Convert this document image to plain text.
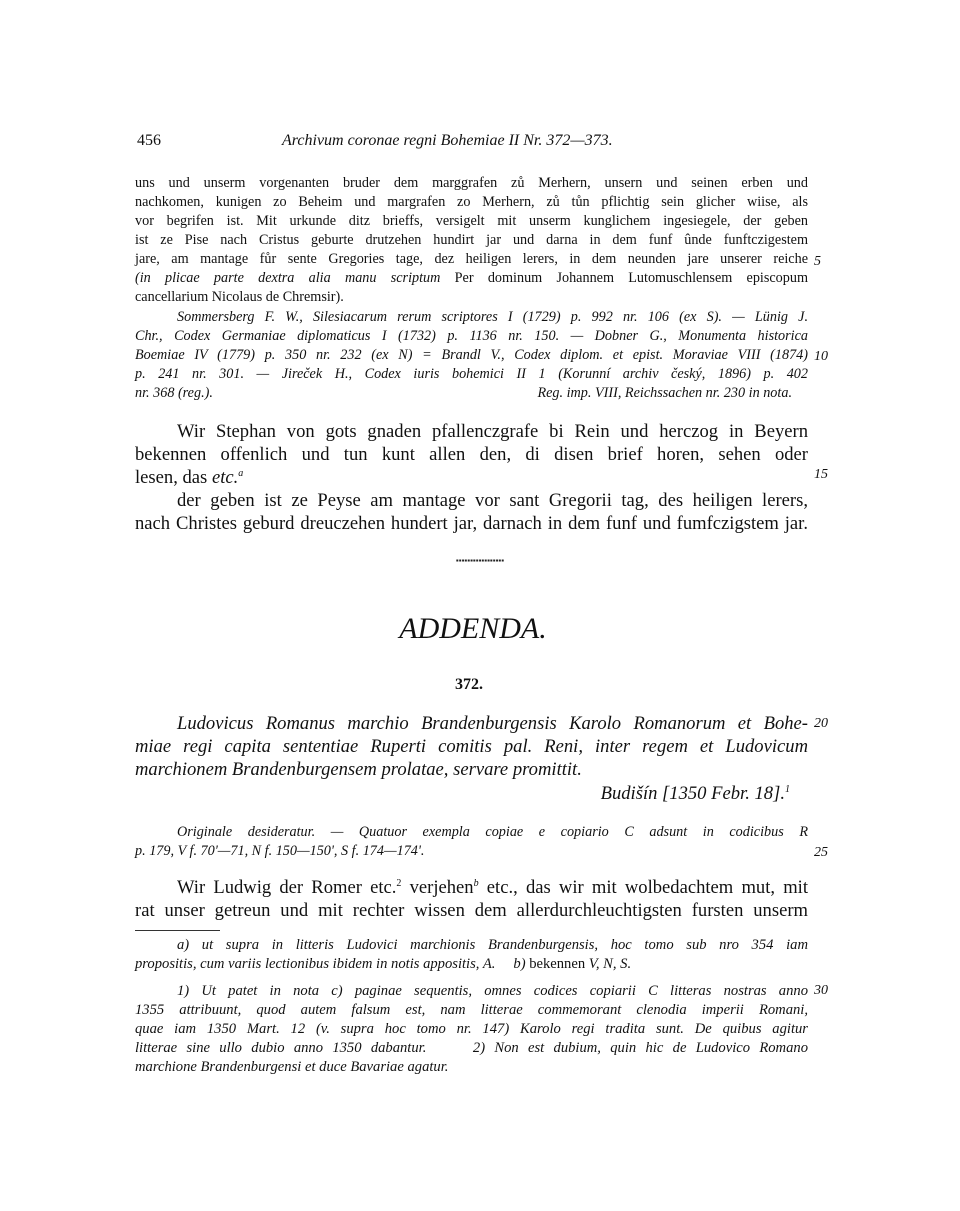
456	Archivum coronae regni Bohemiae II Nr. 372—373.
uns und unserm vorgenanten bruder dem marggrafen zů Merhern, unsern und seinen erben und
nachkomen, kunigen zo Beheim und margrafen zo Merhern, zů tůn pflichtig sein glicher wiise, als
vor begrifen ist. Mit urkunde ditz brieffs, versigelt mit unserm kunglichem ingesiegele, der geben
ist ze Pise nach Cristus geburte drutzehen hundirt jar und darna in dem funf ûnde funftczigestem
jare, am mantage fůr sente Gregories tage, dez heiligen lerers, in dem neunden jare unserer reiche
(in plicae parte dextra alia manu scriptum Per dominum Johannem Lutomuschlensem episcopum
cancellarium Nicolaus de Chremsir).
Sommersberg F. W., Silesiacarum rerum scriptores I (1729) p. 992 nr. 106 (ex S). — Lünig J.
Chr., Codex Germaniae diplomaticus I (1732) p. 1136 nr. 150. — Dobner G., Monumenta historica
Boemiae IV (1779) p. 350 nr. 232 (ex N) = Brandl V., Codex diplom. et epist. Moraviae VIII (1874)
p. 241 nr. 301. — Jireček H., Codex iuris bohemici II 1 (Korunní archiv český, 1896) p. 402
nr. 368 (reg.).	Reg. imp. VIII, Reichssachen nr. 230 in nota.
Wir Stephan von gots gnaden pfallenczgrafe bi Rein und herczog in Beyern
bekennen offenlich und tun kunt allen den, di disen brief horen, sehen oder
lesen, das etc.$^a$
der geben ist ze Peyse am mantage vor sant Gregorii tag, des heiligen lerers,
nach Christes geburd dreuczehen hundert jar, darnach in dem funf und fumfczigstem jar.
▪▪▪▪▪▪▪▪▪▪▪▪▪▪▪▪▪
ADDENDA.
372.
Ludovicus Romanus marchio Brandenburgensis Karolo Romanorum et Bohe-
miae regi capita sententiae Ruperti comitis pal. Reni, inter regem et Ludovicum
marchionem Brandenburgensem prolatae, servare promittit.
Budišín [1350 Febr. 18].$^1$
Originale desideratur. — Quatuor exempla copiae e copiario C adsunt in codicibus R
p. 179, V f. 70'—71, N f. 150—150', S f. 174—174'.
Wir Ludwig der Romer etc.$^2$ verjehen$^b$ etc., das wir mit wolbedachtem mut, mit
rat unser getreun und mit rechter wissen dem allerdurchleuchtigsten fursten unserm
a) ut supra in litteris Ludovici marchionis Brandenburgensis, hoc tomo sub nro 354 iam
propositis, cum variis lectionibus ibidem in notis appositis, A. b) bekennen V, N, S.
1) Ut patet in nota c) paginae sequentis, omnes codices copiarii C litteras nostras anno
1355 attribuunt, quod autem falsum est, nam litterae commemorant clenodia imperii Romani,
quae iam 1350 Mart. 12 (v. supra hoc tomo nr. 147) Karolo regi tradita sunt. De quibus agitur
litterae sine ullo dubio anno 1350 dabantur.     2) Non est dubium, quin hic de Ludovico Romano
marchione Brandenburgensi et duce Bavariae agatur.
5
10
15
20
25
30
